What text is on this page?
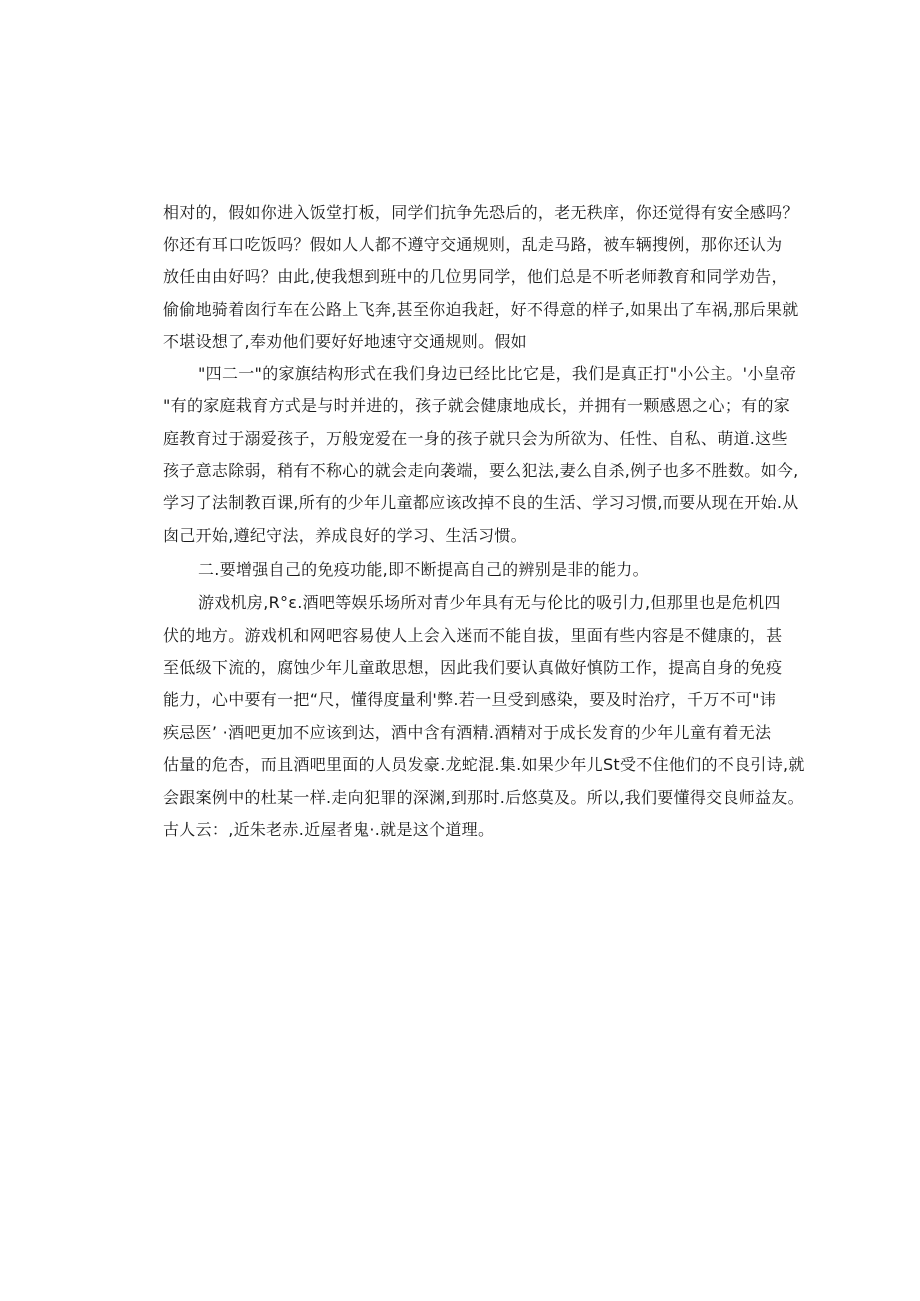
相对的，假如你进入饭堂打板，同学们抗争先恐后的，老无秩庠，你还觉得有安全感吗？
你还有耳口吃饭吗？假如人人都不遵守交通规则，乱走马路，被车辆搜例，那你还认为
放任由由好吗？由此,使我想到班中的几位男同学，他们总是不听老师教育和同学劝告，
偷偷地骑着囱行车在公路上飞奔,甚至你迫我赶，好不得意的样子,如果出了车祸,那后果就
不堪设想了,奉劝他们要好好地速守交通规则。假如
"四二一"的家旗结构形式在我们身边已经比比它是，我们是真正打"小公主。'小皇帝
"有的家庭栽育方式是与时并进的，孩子就会健康地成长，并拥有一颗感恩之心；有的家
庭教育过于溺爱孩子，万般宠爱在一身的孩子就只会为所欲为、任性、自私、萌道.这些
孩子意志除弱，稍有不称心的就会走向袭端，要么犯法,妻么自杀,例子也多不胜数。如今,
学习了法制教百课,所有的少年儿童都应该改掉不良的生活、学习习惯,而要从现在开始.从
囱己开始,遵纪守法，养成良好的学习、生活习惯。
二.要增强自己的免疫功能,即不断提高自己的辨别是非的能力。
游戏机房,R°ε.酒吧等娱乐场所对青少年具有无与伦比的吸引力,但那里也是危机四
伏的地方。游戏机和网吧容易使人上会入迷而不能自拔，里面有些内容是不健康的，甚
至低级下流的，腐蚀少年儿童敢思想，因此我们要认真做好慎防工作，提高自身的免疫
能力，心中要有一把“尺，懂得度量利'弊.若一旦受到感染，要及时治疗，千万不可"讳
疾忌医’ ·酒吧更加不应该到达，酒中含有酒精.酒精对于成长发育的少年儿童有着无法
估量的危杏，而且酒吧里面的人员发豪.龙蛇混.集.如果少年儿St受不住他们的不良引诗,就
会跟案例中的杜某一样.走向犯罪的深渊,到那时.后悠莫及。所以,我们要懂得交良师益友。
古人云：,近朱老赤.近屋者鬼·.就是这个道理。
